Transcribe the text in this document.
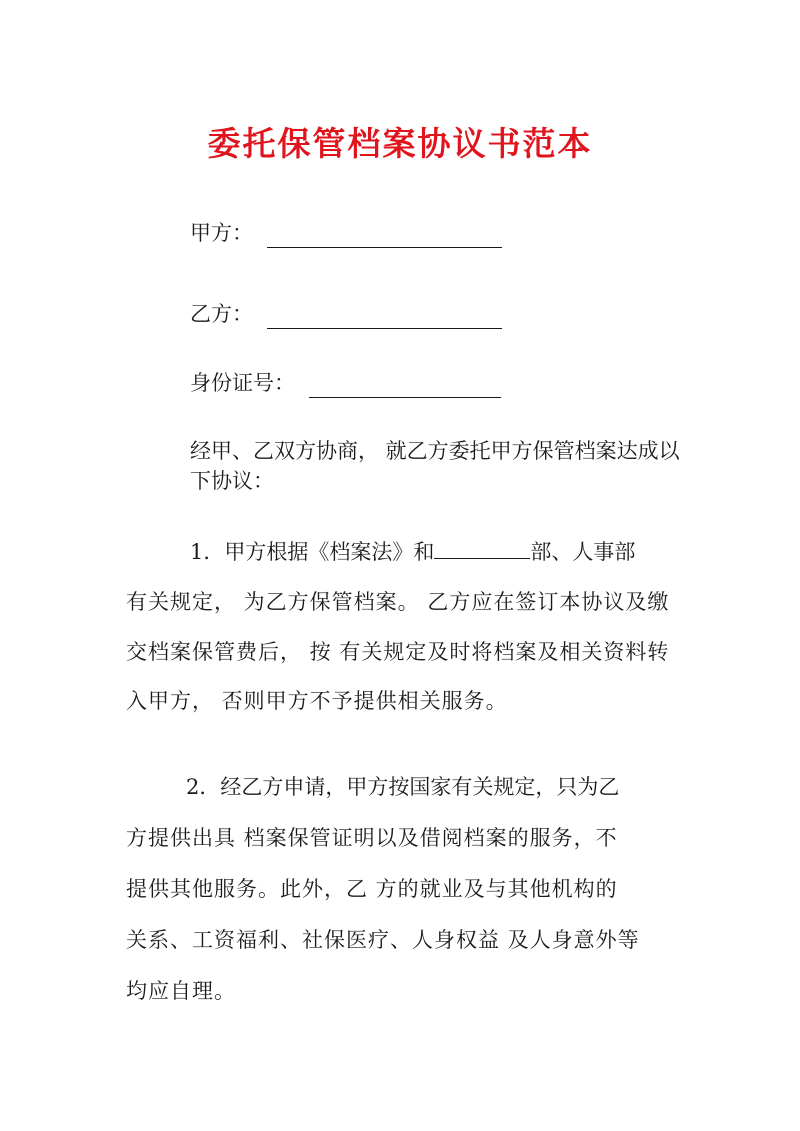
委托保管档案协议书范本
甲方：
乙方：
身份证号：
经甲、乙双方协商， 就乙方委托甲方保管档案达成以
下协议：
1．甲方根据《档案法》和	部、人事部
有关规定， 为乙方保管档案。 乙方应在签订本协议及缴
交档案保管费后， 按 有关规定及时将档案及相关资料转
入甲方， 否则甲方不予提供相关服务。
2．经乙方申请，甲方按国家有关规定，只为乙
方提供出具 档案保管证明以及借阅档案的服务，不
提供其他服务。此外，乙 方的就业及与其他机构的
关系、工资福利、社保医疗、人身权益 及人身意外等
均应自理。
